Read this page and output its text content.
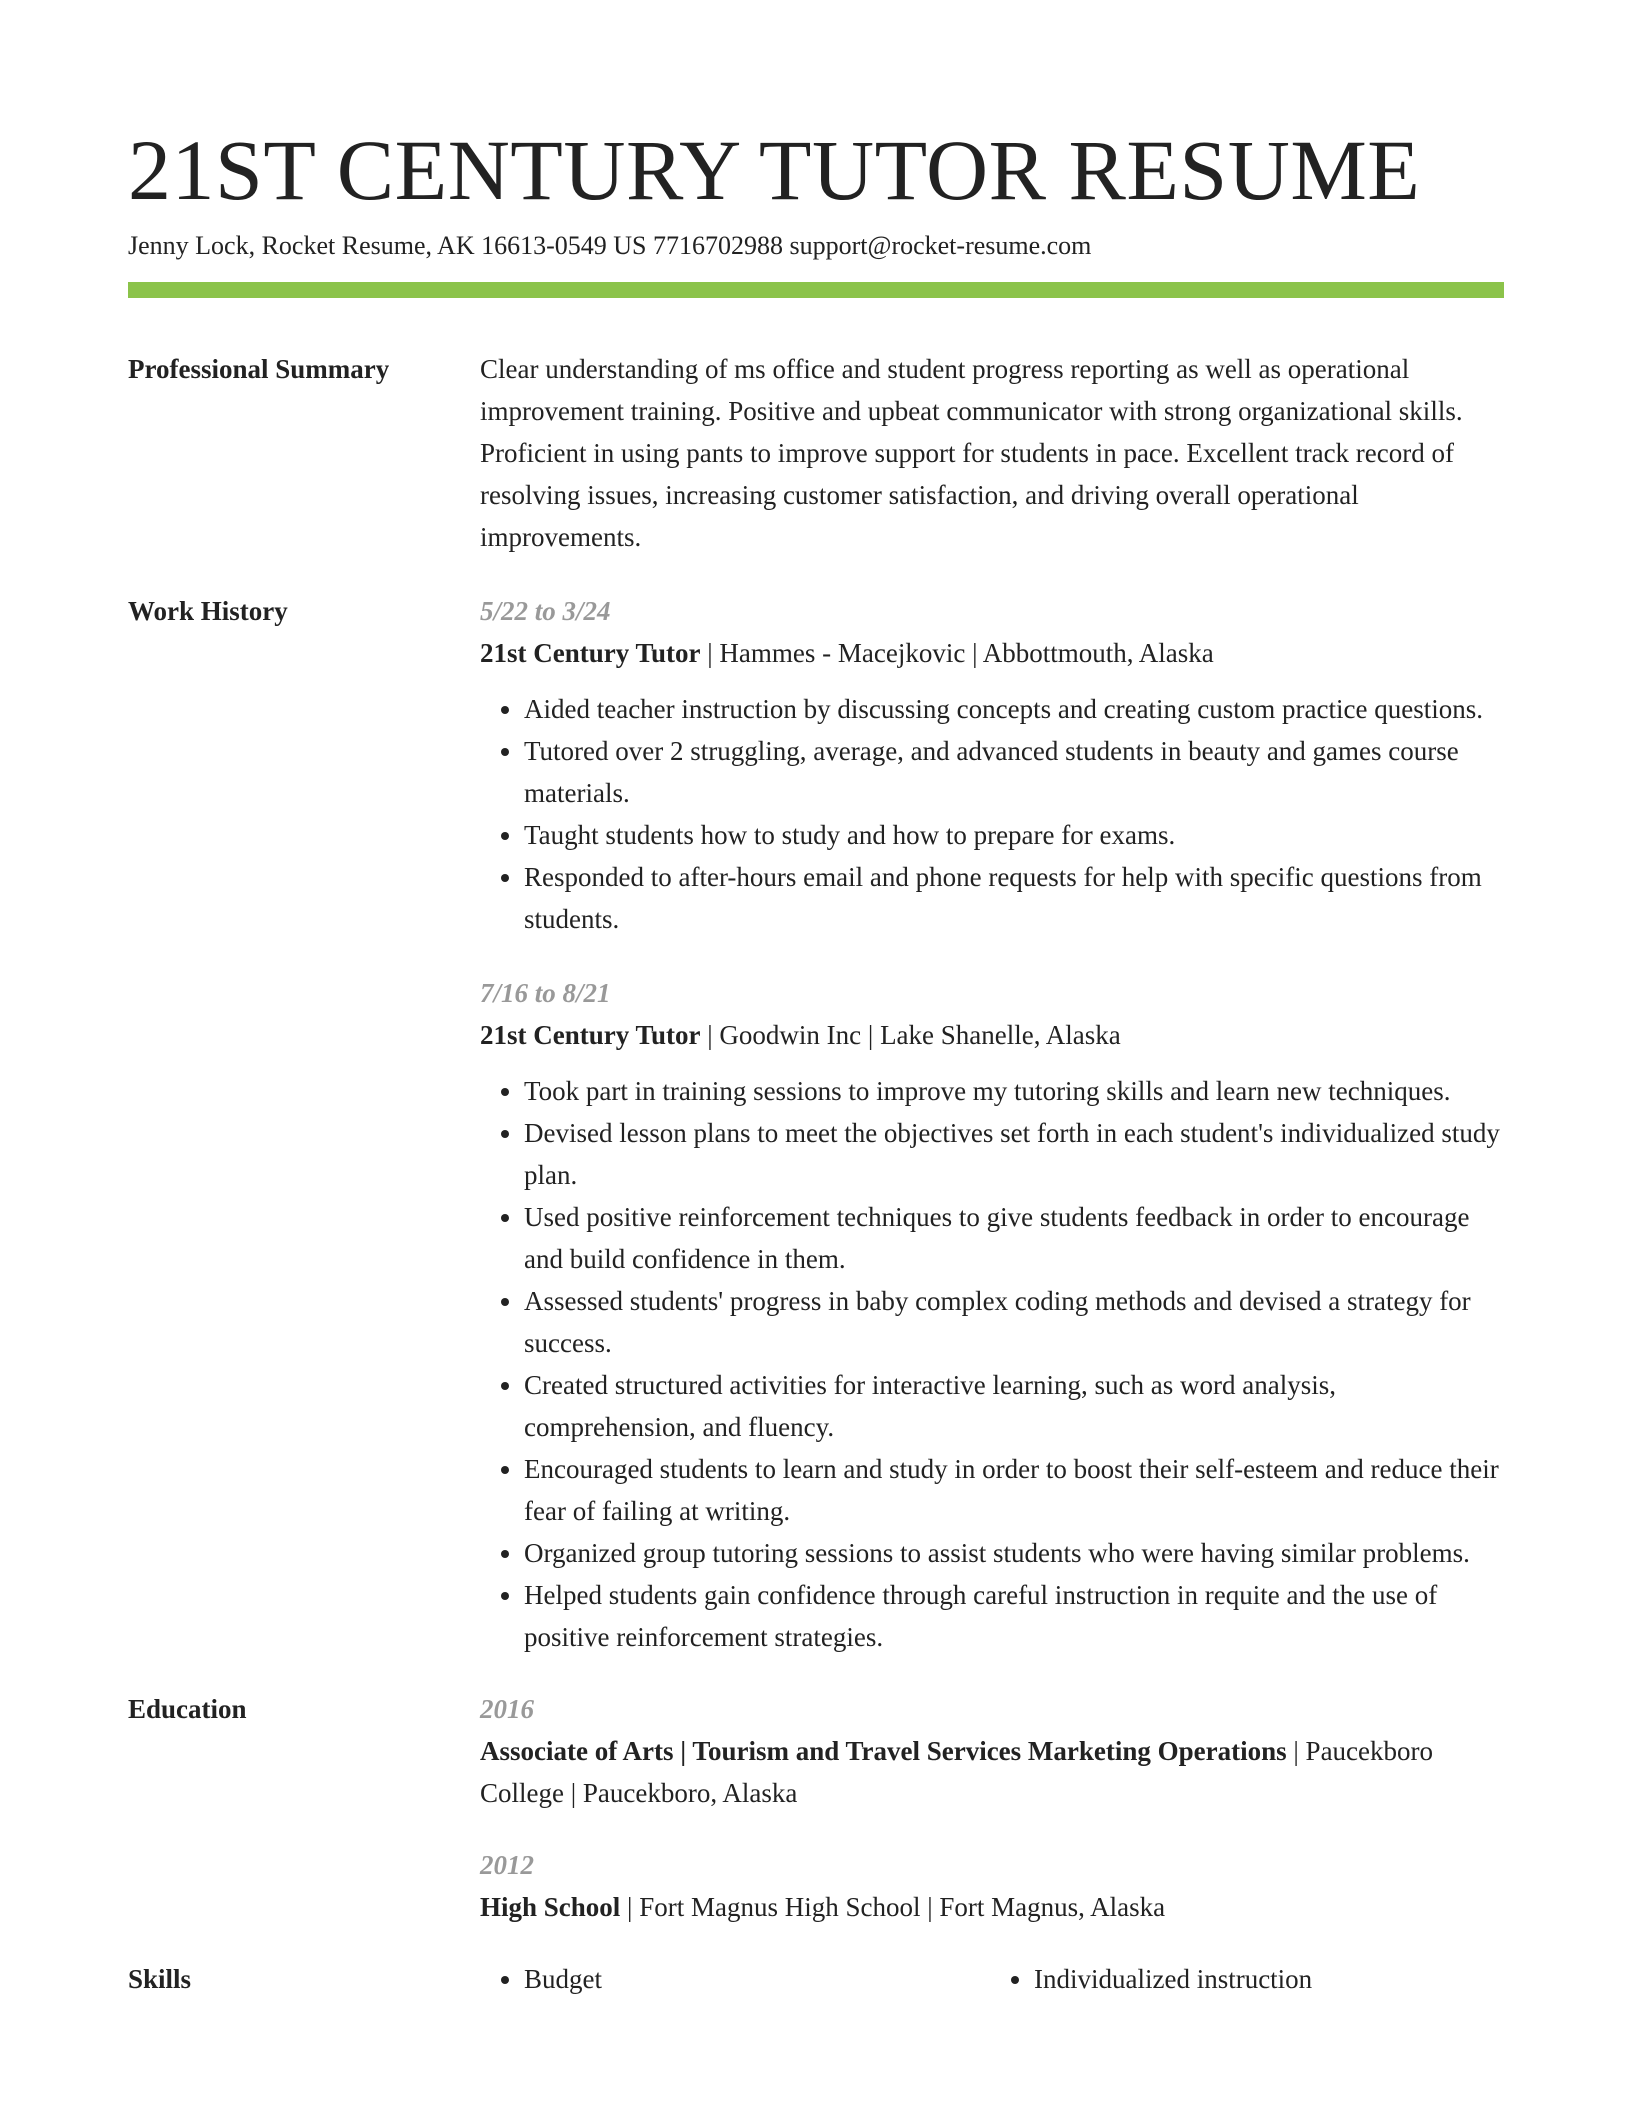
21ST CENTURY TUTOR RESUME
Jenny Lock, Rocket Resume, AK 16613-0549 US 7716702988 support@rocket-resume.com
Professional Summary	Clear understanding of ms office and student progress reporting as well as operational improvement training. Positive and upbeat communicator with strong organizational skills. Proficient in using pants to improve support for students in pace. Excellent track record of resolving issues, increasing customer satisfaction, and driving overall operational improvements.
Work History	5/22 to 3/24
21st Century Tutor | Hammes - Macejkovic | Abbottmouth, Alaska
• Aided teacher instruction by discussing concepts and creating custom practice questions.
• Tutored over 2 struggling, average, and advanced students in beauty and games course materials.
• Taught students how to study and how to prepare for exams.
• Responded to after-hours email and phone requests for help with specific questions from students.
7/16 to 8/21
21st Century Tutor | Goodwin Inc | Lake Shanelle, Alaska
• Took part in training sessions to improve my tutoring skills and learn new techniques.
• Devised lesson plans to meet the objectives set forth in each student's individualized study plan.
• Used positive reinforcement techniques to give students feedback in order to encourage and build confidence in them.
• Assessed students' progress in baby complex coding methods and devised a strategy for success.
• Created structured activities for interactive learning, such as word analysis, comprehension, and fluency.
• Encouraged students to learn and study in order to boost their self-esteem and reduce their fear of failing at writing.
• Organized group tutoring sessions to assist students who were having similar problems.
• Helped students gain confidence through careful instruction in requite and the use of positive reinforcement strategies.
Education	2016
Associate of Arts | Tourism and Travel Services Marketing Operations | Paucekboro College | Paucekboro, Alaska
2012
High School | Fort Magnus High School | Fort Magnus, Alaska
Skills	• Budget	• Individualized instruction
